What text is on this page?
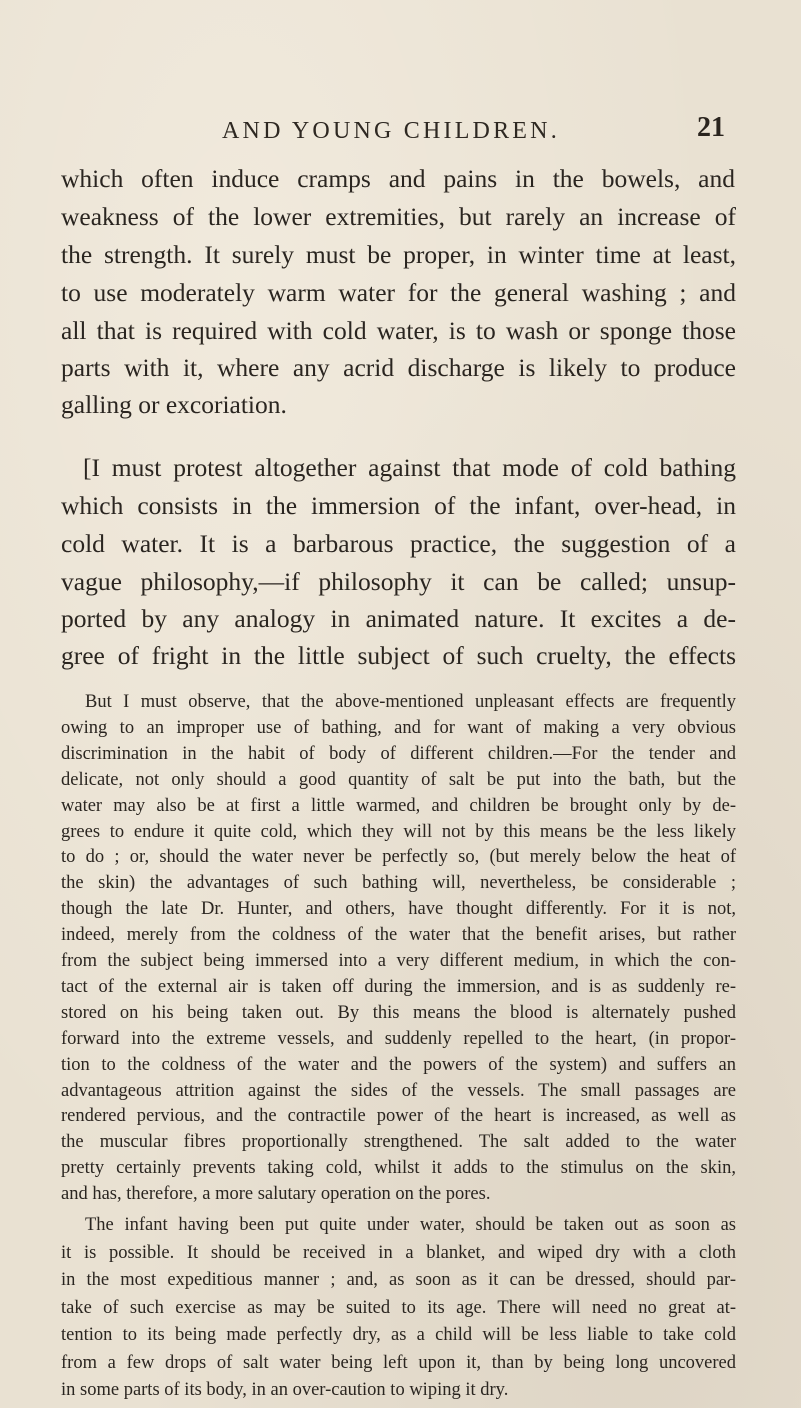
AND YOUNG CHILDREN.	21
which often induce cramps and pains in the bowels, and
weakness of the lower extremities, but rarely an increase of
the strength. It surely must be proper, in winter time at least,
to use moderately warm water for the general washing ; and
all that is required with cold water, is to wash or sponge those
parts with it, where any acrid discharge is likely to produce
galling or excoriation.
[I must protest altogether against that mode of cold bathing
which consists in the immersion of the infant, over-head, in
cold water. It is a barbarous practice, the suggestion of a
vague philosophy,—if philosophy it can be called; unsup-
ported by any analogy in animated nature. It excites a de-
gree of fright in the little subject of such cruelty, the effects
But I must observe, that the above-mentioned unpleasant effects are frequently
owing to an improper use of bathing, and for want of making a very obvious
discrimination in the habit of body of different children.—For the tender and
delicate, not only should a good quantity of salt be put into the bath, but the
water may also be at first a little warmed, and children be brought only by de-
grees to endure it quite cold, which they will not by this means be the less likely
to do ; or, should the water never be perfectly so, (but merely below the heat of
the skin) the advantages of such bathing will, nevertheless, be considerable ;
though the late Dr. Hunter, and others, have thought differently. For it is not,
indeed, merely from the coldness of the water that the benefit arises, but rather
from the subject being immersed into a very different medium, in which the con-
tact of the external air is taken off during the immersion, and is as suddenly re-
stored on his being taken out. By this means the blood is alternately pushed
forward into the extreme vessels, and suddenly repelled to the heart, (in propor-
tion to the coldness of the water and the powers of the system) and suffers an
advantageous attrition against the sides of the vessels. The small passages are
rendered pervious, and the contractile power of the heart is increased, as well as
the muscular fibres proportionally strengthened. The salt added to the water
pretty certainly prevents taking cold, whilst it adds to the stimulus on the skin,
and has, therefore, a more salutary operation on the pores.
The infant having been put quite under water, should be taken out as soon as
it is possible. It should be received in a blanket, and wiped dry with a cloth
in the most expeditious manner ; and, as soon as it can be dressed, should par-
take of such exercise as may be suited to its age. There will need no great at-
tention to its being made perfectly dry, as a child will be less liable to take cold
from a few drops of salt water being left upon it, than by being long uncovered
in some parts of its body, in an over-caution to wiping it dry.
